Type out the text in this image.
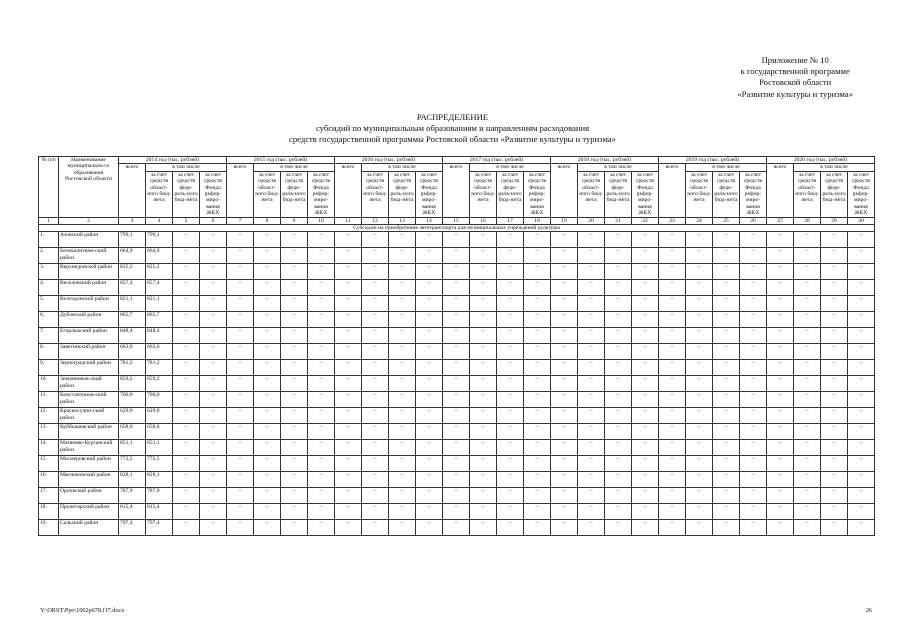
Приложение № 10
к государственной программе
Ростовской области
«Развитие культуры и туризма»
РАСПРЕДЕЛЕНИЕ
субсидий по муниципальным образованиям и направлениям расходования
средств государственной программы Ростовской области «Развитие культуры и туризма»
№ п/п	Наименование муниципально-го образования Ростовской области	2014 год (тыс. рублей)				2015 год (тыс. рублей)				2016 год (тыс. рублей)				2017 год (тыс. рублей)				2018 год (тыс. рублей)				2019 год (тыс. рублей)				2020 год (тыс. рублей)			
		всего	в том числе			всего	в том числе			всего	в том числе			всего	в том числе			всего	в том числе			всего	в том числе			всего	в том числе		
			за счет средств област-ного бюд-жета	за счет средств феде-раль-ного бюд-жета	за счет средств Фонда рефор-миро-вания ЖКХ		за счет средств област-ного бюд-жета	за счет средств феде-раль-ного бюд-жета	за счет средств Фонда рефор-миро-вания ЖКХ		за счет средств област-ного бюд-жета	за счет средств феде-раль-ного бюд-жета	за счет средств Фонда рефор-миро-вания ЖКХ		за счет средств област-ного бюд-жета	за счет средств феде-раль-ного бюд-жета	за счет средств Фонда рефор-миро-вания ЖКХ		за счет средств област-ного бюд-жета	за счет средств феде-раль-ного бюд-жета	за счет средств Фонда рефор-миро-вания ЖКХ		за счет средств област-ного бюд-жета	за счет средств феде-раль-ного бюд-жета	за счет средств Фонда рефор-миро-вания ЖКХ		за счет средств област-ного бюд-жета	за счет средств феде-раль-ного бюд-жета	за счет средств Фонда рефор-миро-вания ЖКХ
1	2	3	4	5	6	7	8	9	10	11	12	13	14	15	16	17	18	19	20	21	22	23	24	25	26	27	28	29	30
Субсидии на приобретение автотранспорта для муниципальных учреждений культуры																													
1.	Азовский район	799,1	799,1	–	–	–	–	–	–	–	–	–	–	–	–	–	–	–	–	–	–	–	–	–	–	–	–	–	–
2.	Белокалитвин-ский район	664,9	664,9	–	–	–	–	–	–	–	–	–	–	–	–	–	–	–	–	–	–	–	–	–	–	–	–	–	–
3.	Верхнедонской район	825,2	825,2	–	–	–	–	–	–	–	–	–	–	–	–	–	–	–	–	–	–	–	–	–	–	–	–	–	–
4.	Веселовский район	857,4	857,4	–	–	–	–	–	–	–	–	–	–	–	–	–	–	–	–	–	–	–	–	–	–	–	–	–	–
5.	Волгодонской район	821,1	821,1	–	–	–	–	–	–	–	–	–	–	–	–	–	–	–	–	–	–	–	–	–	–	–	–	–	–
6.	Дубовский район	865,7	865,7	–	–	–	–	–	–	–	–	–	–	–	–	–	–	–	–	–	–	–	–	–	–	–	–	–	–
7.	Егорлыкский район	848,4	848,4	–	–	–	–	–	–	–	–	–	–	–	–	–	–	–	–	–	–	–	–	–	–	–	–	–	–
8.	Заветинский район	663,6	663,6	–	–	–	–	–	–	–	–	–	–	–	–	–	–	–	–	–	–	–	–	–	–	–	–	–	–
9.	Зерноградский район	781,2	781,2	–	–	–	–	–	–	–	–	–	–	–	–	–	–	–	–	–	–	–	–	–	–	–	–	–	–
10.	Зимовников-ский район	859,2	859,2	–	–	–	–	–	–	–	–	–	–	–	–	–	–	–	–	–	–	–	–	–	–	–	–	–	–
11.	Константинов-ский район	700,0	700,0	–	–	–	–	–	–	–	–	–	–	–	–	–	–	–	–	–	–	–	–	–	–	–	–	–	–
12.	Красносулин-ский район	629,0	629,0	–	–	–	–	–	–	–	–	–	–	–	–	–	–	–	–	–	–	–	–	–	–	–	–	–	–
13.	Куйбышевский район	658,0	658,0	–	–	–	–	–	–	–	–	–	–	–	–	–	–	–	–	–	–	–	–	–	–	–	–	–	–
14.	Матвеево-Курганский район	851,1	851,1	–	–	–	–	–	–	–	–	–	–	–	–	–	–	–	–	–	–	–	–	–	–	–	–	–	–
15.	Миллеровский район	772,5	772,5	–	–	–	–	–	–	–	–	–	–	–	–	–	–	–	–	–	–	–	–	–	–	–	–	–	–
16.	Мясниковский район	828,1	828,1	–	–	–	–	–	–	–	–	–	–	–	–	–	–	–	–	–	–	–	–	–	–	–	–	–	–
17.	Орловский район	787,9	787,9	–	–	–	–	–	–	–	–	–	–	–	–	–	–	–	–	–	–	–	–	–	–	–	–	–	–
18.	Пролетарский район	815,4	815,4	–	–	–	–	–	–	–	–	–	–	–	–	–	–	–	–	–	–	–	–	–	–	–	–	–	–
19.	Сальский район	797,4	797,4	–	–	–	–	–	–	–	–	–	–	–	–	–	–	–	–	–	–	–	–	–	–	–	–	–	–
Y:\ORST\Ppo\1002p678.f17.docx	26
